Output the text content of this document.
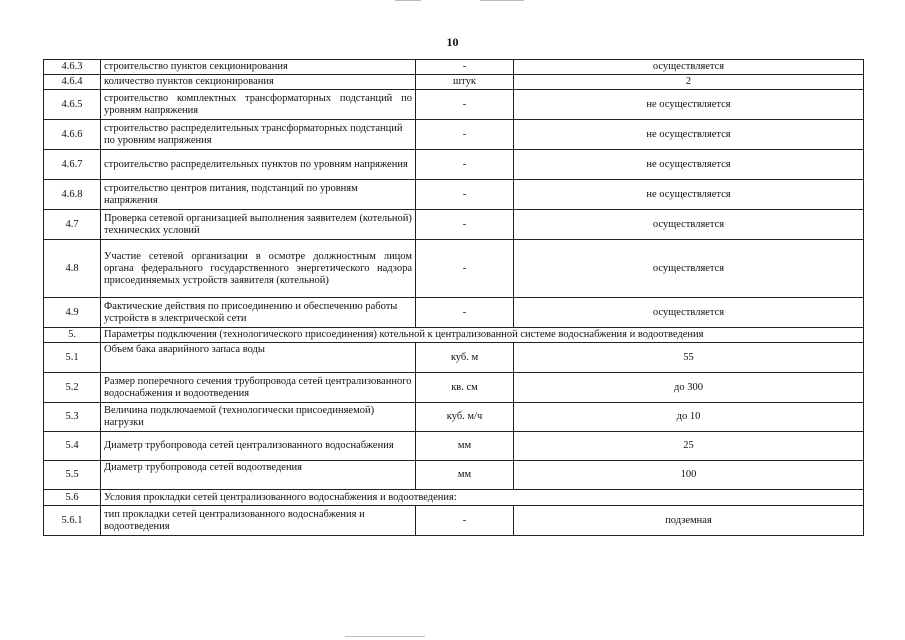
10
4.6.3	строительство пунктов секционирования	-	осуществляется
4.6.4	количество пунктов секционирования	штук	2
4.6.5	строительство комплектных трансформаторных подстанций по уровням напряжения	-	не осуществляется
4.6.6	строительство распределительных трансформаторных подстанций по уровням напряжения	-	не осуществляется
4.6.7	строительство распределительных пунктов по уровням напряжения	-	не осуществляется
4.6.8	строительство центров питания, подстанций по уровням напряжения	-	не осуществляется
4.7	Проверка сетевой организацией выполнения заявителем (котельной) технических условий	-	осуществляется
4.8	Участие сетевой организации в осмотре должностным лицом органа федерального государственного энергетического надзора присоединяемых устройств заявителя (котельной)	-	осуществляется
4.9	Фактические действия по присоединению и обеспечению работы устройств в электрической сети	-	осуществляется
5.	Параметры подключения (технологического присоединения) котельной к централизованной системе водоснабжения и водоотведения		
5.1	Объем бака аварийного запаса воды	куб. м	55
5.2	Размер поперечного сечения трубопровода сетей централизованного водоснабжения и водоотведения	кв. см	до 300
5.3	Величина подключаемой (технологически присоединяемой) нагрузки	куб. м/ч	до 10
5.4	Диаметр трубопровода сетей централизованного водоснабжения	мм	25
5.5	Диаметр трубопровода сетей водоотведения	мм	100
5.6	Условия прокладки сетей централизованного водоснабжения и водоотведения:		
5.6.1	тип прокладки сетей централизованного водоснабжения и водоотведения	-	подземная
